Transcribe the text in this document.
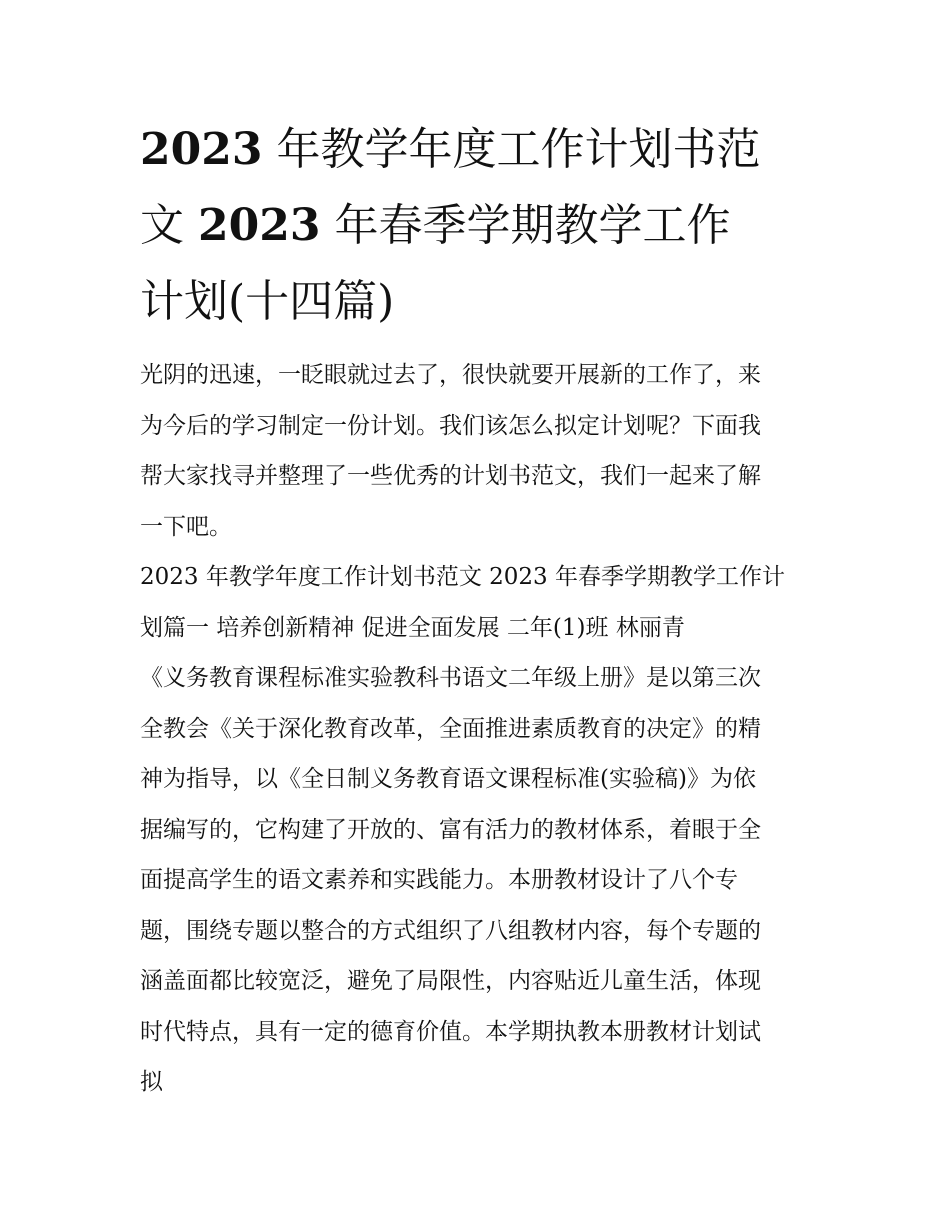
2023 年教学年度工作计划书范
文 2023 年春季学期教学工作
计划(十四篇)

光阴的迅速，一眨眼就过去了，很快就要开展新的工作了，来
为今后的学习制定一份计划。我们该怎么拟定计划呢？下面我
帮大家找寻并整理了一些优秀的计划书范文，我们一起来了解
一下吧。

2023 年教学年度工作计划书范文 2023 年春季学期教学工作计
划篇一 培养创新精神 促进全面发展 二年(1)班 林丽青

《义务教育课程标准实验教科书语文二年级上册》是以第三次
全教会《关于深化教育改革，全面推进素质教育的决定》的精
神为指导，以《全日制义务教育语文课程标准(实验稿)》为依
据编写的，它构建了开放的、富有活力的教材体系，着眼于全
面提高学生的语文素养和实践能力。本册教材设计了八个专
题，围绕专题以整合的方式组织了八组教材内容，每个专题的
涵盖面都比较宽泛，避免了局限性，内容贴近儿童生活，体现
时代特点，具有一定的德育价值。本学期执教本册教材计划试
拟
